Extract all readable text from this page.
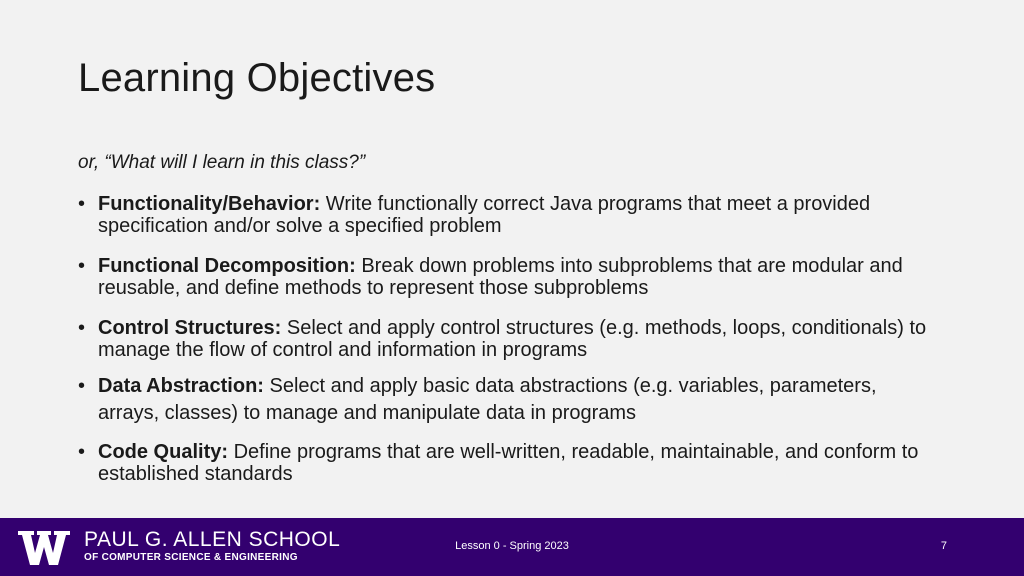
Learning Objectives
or, “What will I learn in this class?”
• Functionality/Behavior: Write functionally correct Java programs that meet a provided specification and/or solve a specified problem
• Functional Decomposition: Break down problems into subproblems that are modular and reusable, and define methods to represent those subproblems
• Control Structures: Select and apply control structures (e.g. methods, loops, conditionals) to manage the flow of control and information in programs
• Data Abstraction: Select and apply basic data abstractions (e.g. variables, parameters, arrays, classes) to manage and manipulate data in programs
• Code Quality: Define programs that are well-written, readable, maintainable, and conform to established standards
PAUL G. ALLEN SCHOOL
OF COMPUTER SCIENCE & ENGINEERING
Lesson 0 - Spring 2023	7
